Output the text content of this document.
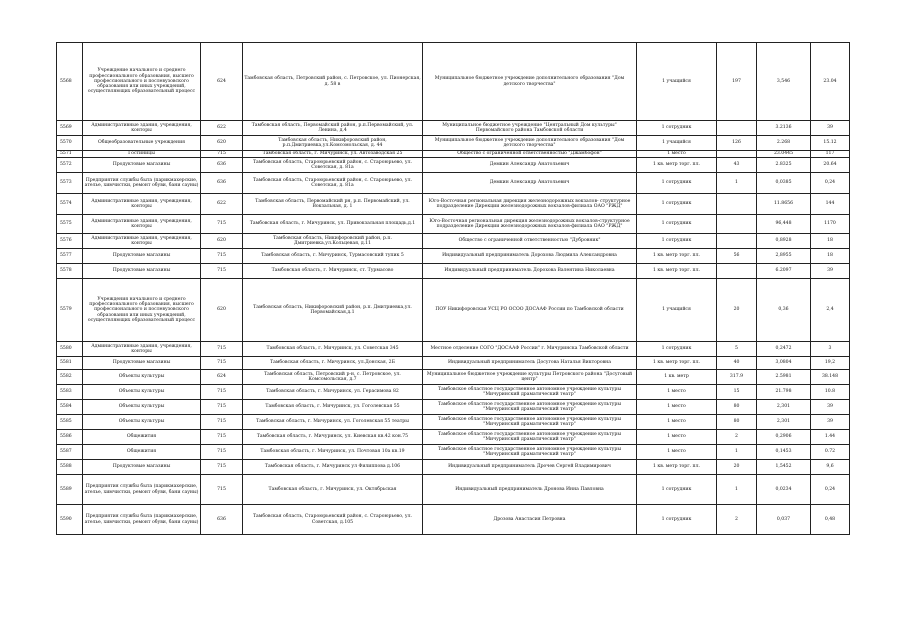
5568	Учреждение начального и среднего профессионального образования, высшего профессионального и послевузовского образования или иных учреждений, осуществляющих образовательный процесс	624	Тамбовская область, Петровский район, с. Петровское, ул. Пионерская, д. 58 в	Муниципальное бюджетное учреждение дополнительного образования "Дом детского творчества"	1 учащийся	197	3,546	23.04
5569	Административные здания, учреждения, конторы	622	Тамбовская область, Первомайский район, р.п.Первомайский, ул. Ленина, д.4	Муниципальное бюджетное учреждение "Центральный Дом культуры" Первомайского района Тамбовской области	1 сотрудник		3.2136	39
5570	Общеобразовательные учреждения	620	Тамбовская область, Никифоровский район, р.п.Дмитриевка,ул.Комсомольская, д. 44	Муниципальное бюджетное учреждение дополнительного образования "Дом детского творчества"	1 учащийся	126	2.268	15.12
5571	Гостиницы	715	Тамбовская область, г. Мичуринск, ул. Автозаводская 25	Общество с ограниченной ответственностью "Джамбофон"	1 место		23.0445	117
5572	Продуктовые магазины	636	Тамбовская область, Староюрьевский район, с. Староюрьево, ул. Советская, д. 81а	Демкин Александр Анатольевич	1 кв. метр торг. пл.	43	2.8325	20.64
5573	Предприятия службы быта (парикмахерские, ателье, химчистки, ремонт обуви, бани сауны)	636	Тамбовская область, Староюрьевский район, с. Староюрьево, ул. Советская, д. 81а	Демкин Александр Анатольевич	1 сотрудник	1	0,0385	0,24
5574	Административные здания, учреждения, конторы	622	Тамбовская область, Первомайский рн, р.п. Первомайский, ул. Вокзальная, д. 1	Юго-Восточная региональная дирекция железнодорожных вокзалов- структурное подразделение Дирекции железнодорожных вокзалов-филиала ОАО "РЖД"	1 сотрудник		11.8656	144
5575	Административные здания, учреждения, конторы	715	Тамбовская область, г. Мичуринск, ул. Привокзальная площадь,д.1	Юго-Восточная региональная дирекция железнодорожных вокзалов-структурное подразделение Дирекции железнодорожных вокзалов-филиала ОАО "РЖД"	1 сотрудник		96,448	1170
5576	Административные здания, учреждения, конторы	620	Тамбовская область, Никифоровский район, р.п. Дмитриевка,ул.Кольцевая, д.11	Общество с ограниченной ответственностью "Дубровник"	1 сотрудник		0,8928	18
5577	Продуктовые магазины	715	Тамбовская область, г. Мичуринск, Турмасовский тупик 5	Индивидуальный предприниматель Дорохова Людмила Александровна	1 кв. метр торг. пл.	56	2,8955	18
5578	Продуктовые магазины	715	Тамбовская область, г. Мичуринск, ст. Турмасово	Индивидуальный предприниматель Дорохова Валентина Николаевна	1 кв. метр торг. пл.		6.2097	39
5579	Учреждения начального и среднего профессионального образования, высшего профессионального и послевузовского образования или иных учреждений, осуществляющих образовательный процесс	620	Тамбовская область, Никифоровский район, р.п. Дмитриевка,ул. Первомайская,д.1	ПОУ Никифоровская УСЦ РО ОСОО ДОСААФ России по Тамбовской области	1 учащийся	20	0,36	2,4
5580	Административные здания, учреждения, конторы	715	Тамбовская область, г. Мичуринск, ул. Советская 345	Местное отделение СОГО "ДОСААФ России" г. Мичуринска Тамбовской области	1 сотрудник	5	0,2472	3
5581	Продуктовые магазины	715	Тамбовская область, г. Мичуринск, ул.Донская, 2Б	Индивидуальный предприниматель Досугова Наталья Викторовна	1 кв. метр торг. пл.	40	3,0804	19,2
5582	Объекты культуры	624	Тамбовская область, Петровский р-н, с. Петровское, ул. Комсомольская, д.7	Муниципальное бюджетное учреждение культуры Петровского района "Досуговый центр"	1 кв. метр	317.9	2.5981	38.148
5583	Объекты культуры	715	Тамбовская область, г. Мичуринск, ул. Герасимова 82	Тамбовское областное государственное автономное учреждение культуры "Мичуринский драматический театр"	1 место	15	21.798	10.8
5584	Объекты культуры	715	Тамбовская область, г. Мичуринск, ул. Гоголевская 55	Тамбовское областное государственное автономное учреждение культуры "Мичуринский драматический театр"	1 место	80	2,301	39
5585	Объекты культуры	715	Тамбовская область, г. Мичуринск, ул. Гоголевская 55 театры	Тамбовское областное государственное автономное учреждение культуры "Мичуринский драматический театр"	1 место	80	2,301	39
5586	Общежития	715	Тамбовская область, г. Мичуринск, ул. Киевская кв.42 кон.75	Тамбовское областное государственное автономное учреждение культуры "Мичуринский драматический театр"	1 место	2	0,2906	1.44
5587	Общежития	715	Тамбовская область, г. Мичуринск, ул. Почтовая 10а кв.19	Тамбовское областное государственное автономное учреждение культуры "Мичуринский драматический театр"	1 место	1	0,1453	0.72
5588	Продуктовые магазины	715	Тамбовская область, г. Мичуринск ул Филиппова д.106	Индивидуальный предприниматель Дрочев Сергей Владимирович	1 кв. метр торг. пл.	20	1,5452	9,6
5589	Предприятия службы быта (парикмахерские, ателье, химчистки, ремонт обуви, бани сауны)	715	Тамбовская область, г. Мичуринск, ул. Октябрьская	Индивидуальный предприниматель Дронова Инна Павловна	1 сотрудник	1	0,0234	0,24
5590	Предприятия службы быта (парикмахерские, ателье, химчистки, ремонт обуви, бани сауны)	636	Тамбовская область, Староюрьевский район, с. Староюрьево, ул. Советская, д.105	Дрозова Анастасия Петровна	1 сотрудник	2	0,037	0,48
